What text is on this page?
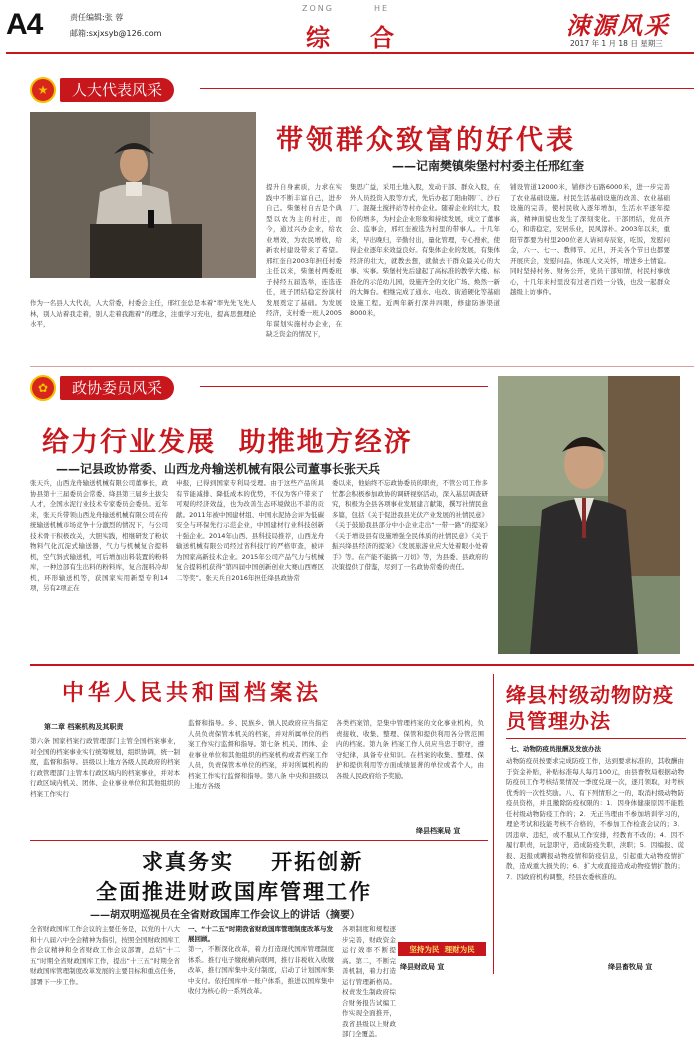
A4	责任编辑:张 蓉
邮箱:sxjxsyb@126.com
ZONG	HE
综 合	涑源风采
2017 年 1 月 18 日 星期三
★	人大代表风采
带领群众致富的好代表
——记南樊镇柴堡村村委主任邢红奎
作为一名县人大代表，人大常委，村委会主任，邢红奎总是本着“率先先飞先人林，别人站着我走着，别人走着我跑着”的理念，注重学习充电，提高思想理论水平，
提升自身素质，力求在实践中不断丰富自己，进步自己。柴堡村自古是个典型以农为主的村庄，而今，通过兴办企业，给农业增效，为农民增收，给新农村建设带来了希望。邢红奎自2003年担任村委主任以来，柴堡村两委班子持经五届选举，连选连任，班子团结稳定扮演村发展奠定了基础。为发展经济，支村委一班人2005年谋划实施村办企业，在缺乏资金的情况下，
集思广益，采用土地入股，发动干部、群众入股，在外人员投资入股等方式，先后办起了阳曲钢厂、沙石厂、混凝土搅拌站等村办企业。随着企业的壮大，股份的增多，为村企企业形象和持续发展，成立了董事会、监事会，邢红奎被选为村里的带事人。十几年来，早出晚归，辛勤付出，量化管理，专心搜索，使得企业逐年来效益良好。有集体企业的发展，有集体经济的壮大，就教去想，就做去干群众最关心的大事、实事。柴堡村先后建起了高标准的教学大楼、标准化的示范幼儿园，设施齐全的文化广场、焕然一新的大舞台。相继完成了通水、电改、街道硬化等基础设施工程。近两年新打深井四眼，修建防渗渠道8000米，
铺设管道12000米，铺修沙石路6000米，进一步完善了农业基础设施。村民生活基础设施的改善、农业基础设施的完善，使村民收入逐年增加，生活水平逐年提高，精神面貌也发生了深刻变化。干部团结，党员齐心，和谐稳定，安居乐业，民风淳朴。2003年以来，重阳节都要为村里200位老人请祠寿辰宴，吃饭，发慰问金，六一、七一、教师节、元旦，开关各个节日也都要开展庆会，发慰问品，体现人文关怀，增进乡土情谊。同时坚持村务、财务公开，党员干部知情，村民村事放心，十几年来村里没有过老百姓一分钱，也没一起群众越级上访事件。
✿	政协委员风采
给力行业发展  助推地方经济
——记县政协常委、山西龙舟输送机械有限公司董事长张天兵
张天兵，山西龙舟输送机械有限公司董事长，政协县第十三届委员会常委、绛县第三届乡土拔尖人才，全国水泥行业技术专家委员会委员。近年来，张天兵带领山西龙舟输送机械有限公司在传统输送机械市场竞争十分激烈的情况下，与公司技术骨干积极改关，大胆实践，相继研发了粉状物料气化沉淀式输送器，气力与机械复合提料机，空气斜式输送机，可后增加出料装置的粉料库，一种边部有生出料的粉料库，复合混料冷却机，环形输送机等，获国家实用新型专利14项，另有2项正在
申报，已得到国家专利局受理。由于这些产品所具有节能减排、降低成本的优势，不仅为客户带来了可观的经济效益，也为改善生态环境做出不菲的贡献。2011年被中国建材组、中国水泥协会评为低碳安全与环保先行示范企业，中国建材行业科技创新十强企业。2014年山西、县科技局推荐，山西龙舟输送机械有限公司经过省科技厅的严格审查，被评为国家高新技术企业。2015年公司产品气力与机械复合提料机获得“第四届中国创新创业大赛山西赛区二等奖”。张天兵自2016年担任绛县政协常
委以来，他始终不忘政协委员的职责，不管公司工作多忙都会积极参加政协的调研视察活动，深入基层调查研究，积极为全县各项事业发展建言献策，撰写社情民意多篇，包括《关于促进我县光伏产业发展的社情民意》《关于鼓励我县部分中小企业走出“一带一路”的提案》《关于增设县有设施增强全民体质的社情民意》《关于振兴绛县经济的提案》《发展旅游业应大处着眼小处着手》等。在产能不能搞一刀切》等，为县委、县政府的决策提供了借鉴，尽到了一名政协常委的责任。
中华人民共和国档案法
第二章 档案机构及其职责
第六条 国家档案行政管理部门主管全国档案事业，对全国的档案事业实行统筹规划，组织协调，统一制度，监督和指导。县级以上地方各级人民政府的档案行政管理部门主管本行政区域内的档案事业，并对本行政区域内机关、团体、企业事业单位和其他组织的档案工作实行
监督和指导。乡、民族乡、镇人民政府应当指定人员负责保管本机关的档案，并对所属单位的档案工作实行监督和指导。第七条 机关、团体、企业事业单位和其他组织的档案机构或者档案工作人员，负责保管本单位的档案，并对所属机构的档案工作实行监督和指导。第八条 中央和县级以上地方各级
各类档案馆，是集中管理档案的文化事业机构，负责接收、收集、整理、保管和提供利用各分管范围内的档案。第九条 档案工作人员应当忠于职守，遵守纪律，具备专业知识。在档案的收集、整理、保护和提供利用等方面成绩显著的单位或者个人，由各级人民政府给予奖励。
绛县档案局 宣
绛县村级动物防疫员管理办法
七、动物防疫员报酬及发放办法
动物防疫员按要求完成防疫工作，达到要求标准的，其收酬由于资金补贴，补贴标准每人每月100元，由县畜牧局根据动物防疫员工作考核结果情况一季度兑现一次，逐月领取，对考核优秀的一次性奖励。八、有下列情形之一的，取消村级动物防疫员资格，并且撤除防疫权限的：1．因身体健康原因不能胜任村级动物防疫工作的；2．无正当理由不参加培训学习的，理论考试和技能考核不合格的，不参加工作检查会议的；3．因违章、违纪，或不服从工作安排，经教育不改的；4．因不履行职责，玩忽职守，造成防疫失职，渎职；5．因编报、谎报、迟报或瞒报动物疫情和防疫信息，引起重大动物疫情扩散，造成重大损失的；6．扩大或直接造成动物疫情扩散的；7．因政府机构调整，经县农委核准的。
绛县畜牧局 宣
求真务实    开拓创新
全面推进财政国库管理工作
——胡双明巡视员在全省财政国库工作会议上的讲话（摘要）
全省财政国库工作会议的主要任务是，以党的十八大和十八届六中全会精神为指引，按照全国财政国库工作会议精神和全省财政工作会议部署，总结“十二五”时期全省财政国库工作，提出“十三五”时期全省财政国库管理制度改革发展的主要目标和重点任务，部署下一步工作。
一、“十二五”时期我省财政国库管理制度改革与发展回顾。
第一，不断深化改革，着力打造现代国库管理制度体系。推行电子缴税横向联网，推行非税收入收缴改革，推行国库集中支付制度，启动了计划国库集中支付。依托国库单一账户体系，推进以国库集中收付为核心的一系列改革。
各项制度和规程逐步完善，财政资金运行效率不断提高。第二，不断完善机制，着力打造运行管理新格局。权责发生制政府综合财务报告试编工作实现全面推开，我省县级以上财政部门全覆盖。
坚持为民  理财为民
绛县财政局 宣
